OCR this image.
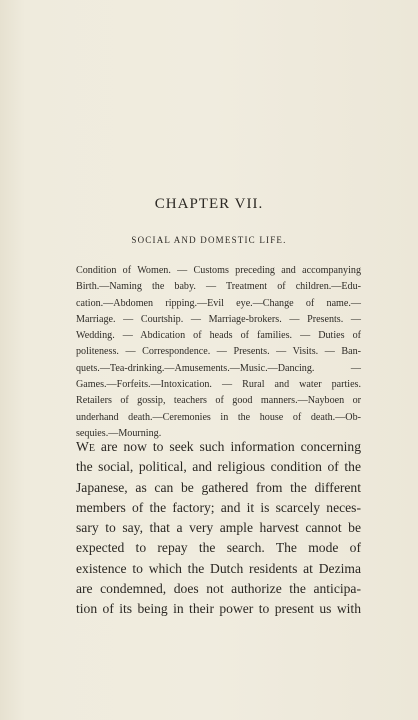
CHAPTER VII.
SOCIAL AND DOMESTIC LIFE.
Condition of Women. — Customs preceding and accompanying
Birth.—Naming the baby. — Treatment of children.—Edu-
cation.—Abdomen ripping.—Evil eye.—Change of name.—
Marriage. — Courtship. — Marriage-brokers. — Presents. —
Wedding. — Abdication of heads of families. — Duties of
politeness. — Correspondence. — Presents. — Visits. — Ban-
quets.—Tea-drinking.—Amusements.—Music.—Dancing. —
Games.—Forfeits.—Intoxication. — Rural and water parties.
Retailers of gossip, teachers of good manners.—Nayboen or
underhand death.—Ceremonies in the house of death.—Ob-
sequies.—Mourning.
We are now to seek such information concerning
the social, political, and religious condition of the
Japanese, as can be gathered from the different
members of the factory; and it is scarcely neces-
sary to say, that a very ample harvest cannot be
expected to repay the search. The mode of
existence to which the Dutch residents at Dezima
are condemned, does not authorize the anticipa-
tion of its being in their power to present us with
